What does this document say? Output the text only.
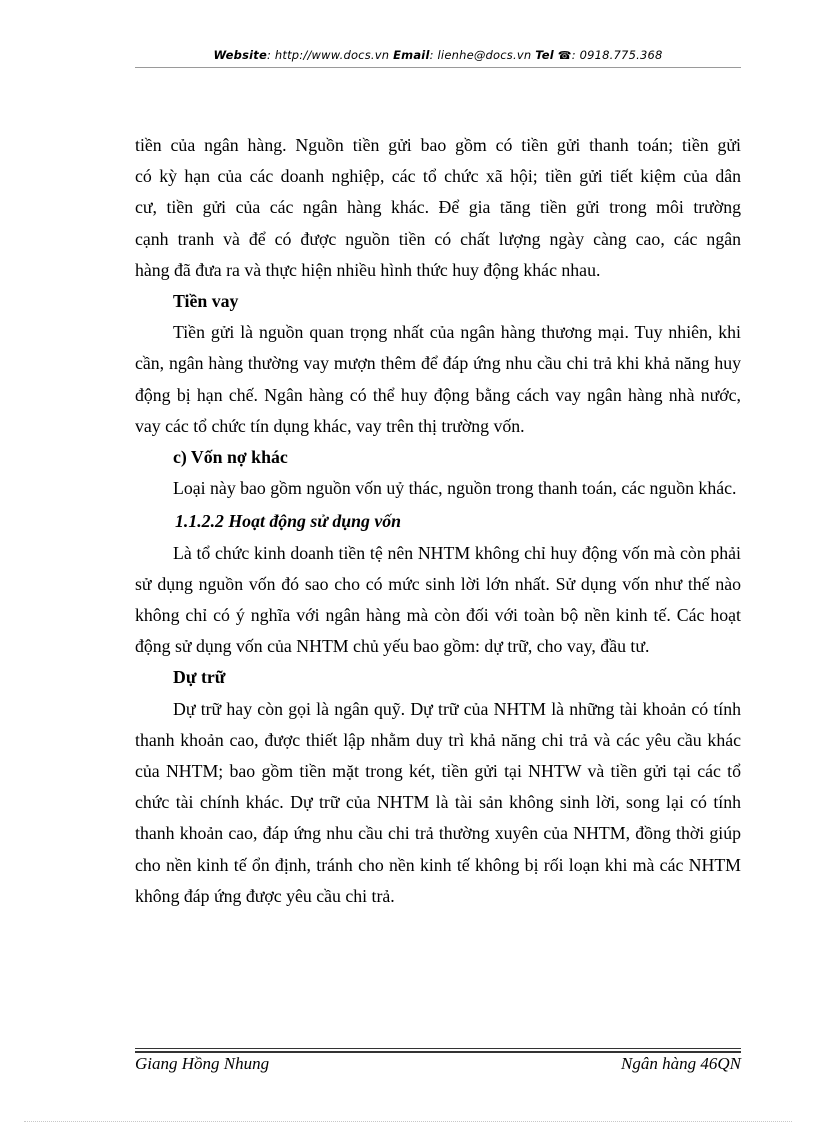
Website: http://www.docs.vn Email: lienhe@docs.vn Tel ☎: 0918.775.368

tiền của ngân hàng. Nguồn tiền gửi bao gồm có tiền gửi thanh toán; tiền gửi

có kỳ hạn của các doanh nghiệp, các tổ chức xã hội; tiền gửi tiết kiệm của dân

cư, tiền gửi của các ngân hàng khác. Để gia tăng tiền gửi trong môi trường

cạnh tranh và để có được nguồn tiền có chất lượng ngày càng cao, các ngân

hàng đã đưa ra và thực hiện nhiều hình thức huy động khác nhau.

Tiền vay

Tiền gửi là nguồn quan trọng nhất của ngân hàng thương mại. Tuy nhiên, khi cần, ngân hàng thường vay mượn thêm để đáp ứng nhu cầu chi trả khi khả năng huy động bị hạn chế. Ngân hàng có thể huy động bằng cách vay ngân hàng nhà nước, vay các tổ chức tín dụng khác, vay trên thị trường vốn.

c) Vốn nợ khác

Loại này bao gồm nguồn vốn uỷ thác, nguồn trong thanh toán, các nguồn khác.

1.1.2.2 Hoạt động sử dụng vốn

Là tổ chức kinh doanh tiền tệ nên NHTM không chỉ huy động vốn mà còn phải sử dụng nguồn vốn đó sao cho có mức sinh lời lớn nhất. Sử dụng vốn như thế nào không chỉ có ý nghĩa với ngân hàng mà còn đối với toàn bộ nền kinh tế. Các hoạt động sử dụng vốn của NHTM chủ yếu bao gồm: dự trữ, cho vay, đầu tư.

Dự trữ

Dự trữ hay còn gọi là ngân quỹ. Dự trữ của NHTM là những tài khoản có tính thanh khoản cao, được thiết lập nhằm duy trì khả năng chi trả và các yêu cầu khác của NHTM; bao gồm tiền mặt trong két, tiền gửi tại NHTW và tiền gửi tại các tổ chức tài chính khác. Dự trữ của NHTM là tài sản không sinh lời, song lại có tính thanh khoản cao, đáp ứng nhu cầu chi trả thường xuyên của NHTM, đồng thời giúp cho nền kinh tế ổn định, tránh cho nền kinh tế không bị rối loạn khi mà các NHTM không đáp ứng được yêu cầu chi trả.

Giang Hồng Nhung	Ngân hàng 46QN
